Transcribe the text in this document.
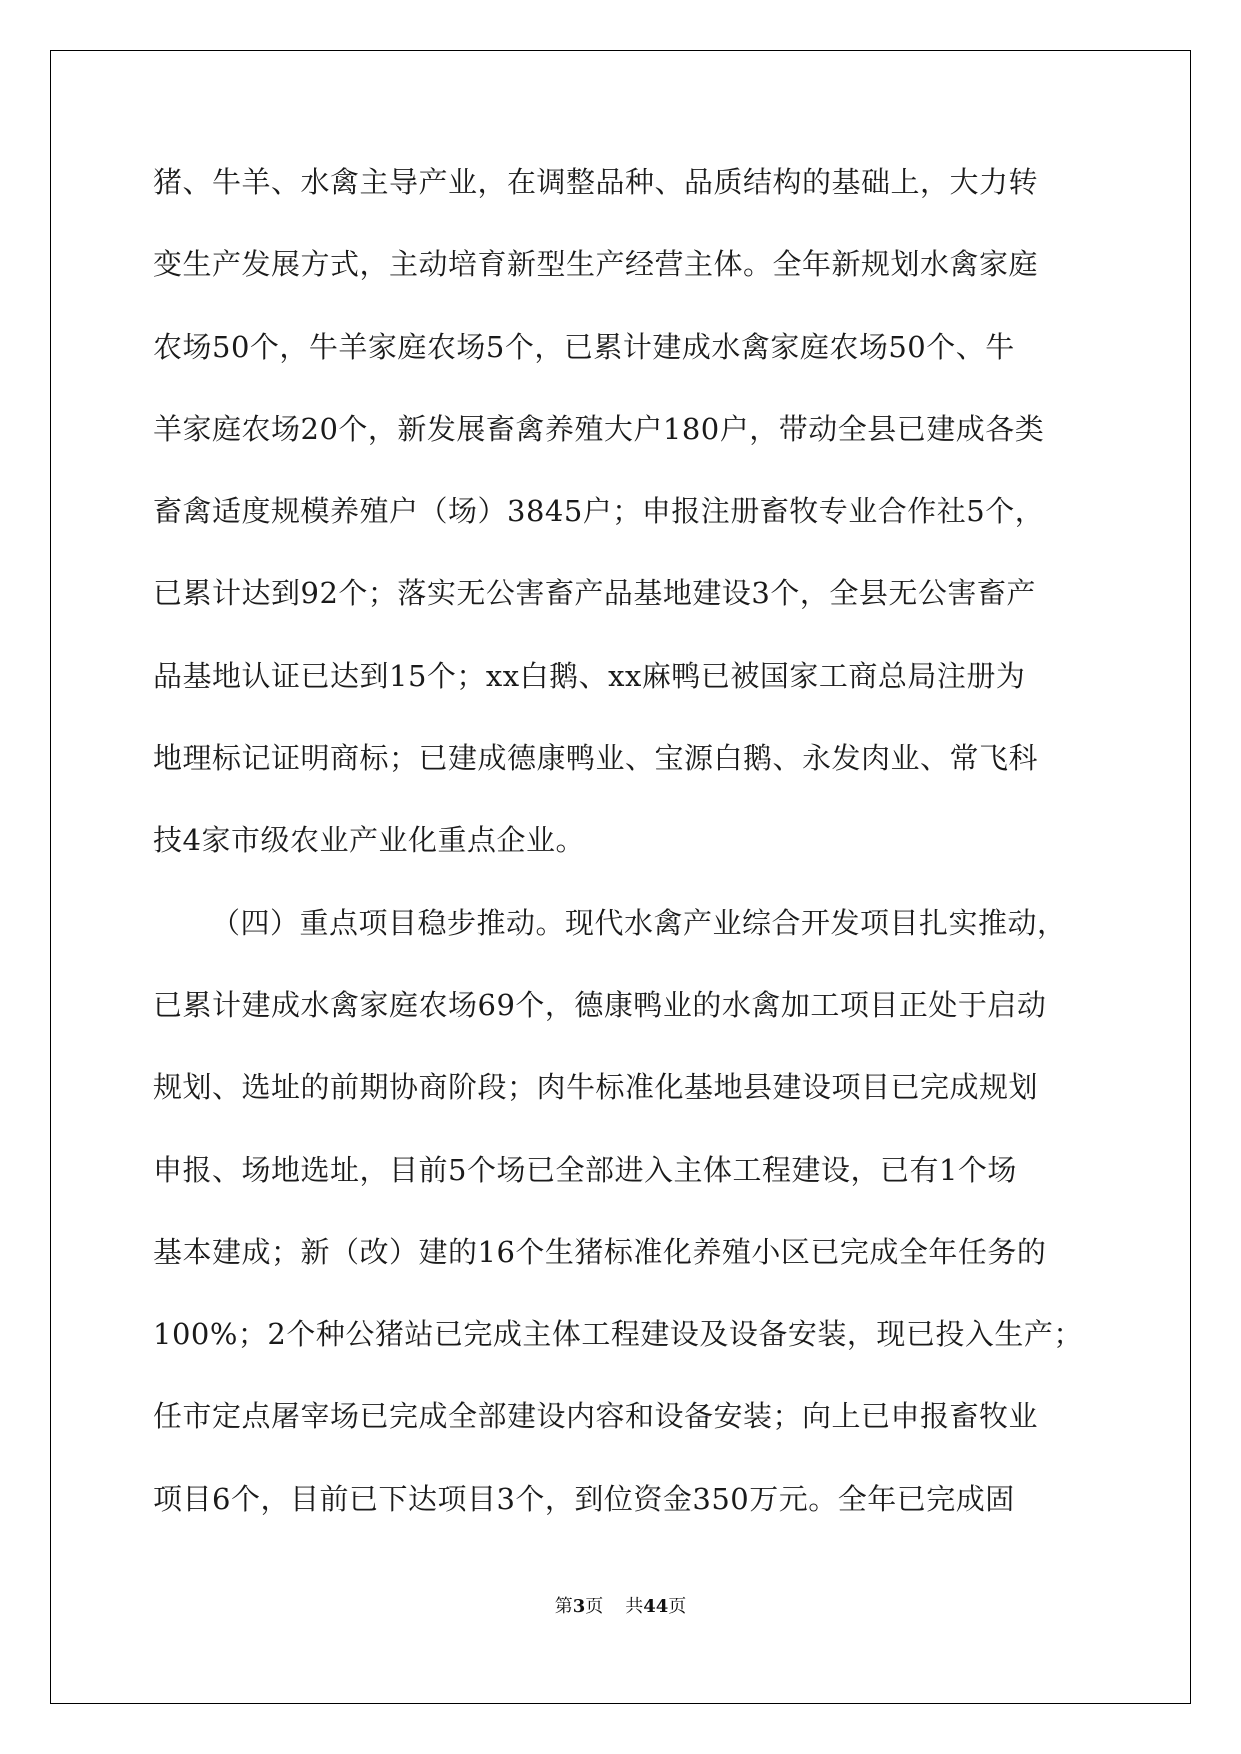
猪、牛羊、水禽主导产业，在调整品种、品质结构的基础上，大力转
变生产发展方式，主动培育新型生产经营主体。全年新规划水禽家庭
农场50个，牛羊家庭农场5个，已累计建成水禽家庭农场50个、牛
羊家庭农场20个，新发展畜禽养殖大户180户，带动全县已建成各类
畜禽适度规模养殖户（场）3845户；申报注册畜牧专业合作社5个，
已累计达到92个；落实无公害畜产品基地建设3个，全县无公害畜产
品基地认证已达到15个；xx白鹅、xx麻鸭已被国家工商总局注册为
地理标记证明商标；已建成德康鸭业、宝源白鹅、永发肉业、常飞科
技4家市级农业产业化重点企业。
（四）重点项目稳步推动。现代水禽产业综合开发项目扎实推动，
已累计建成水禽家庭农场69个，德康鸭业的水禽加工项目正处于启动
规划、选址的前期协商阶段；肉牛标准化基地县建设项目已完成规划
申报、场地选址，目前5个场已全部进入主体工程建设，已有1个场
基本建成；新（改）建的16个生猪标准化养殖小区已完成全年任务的
100%；2个种公猪站已完成主体工程建设及设备安装，现已投入生产；
任市定点屠宰场已完成全部建设内容和设备安装；向上已申报畜牧业
项目6个，目前已下达项目3个，到位资金350万元。全年已完成固
第3页 共44页
